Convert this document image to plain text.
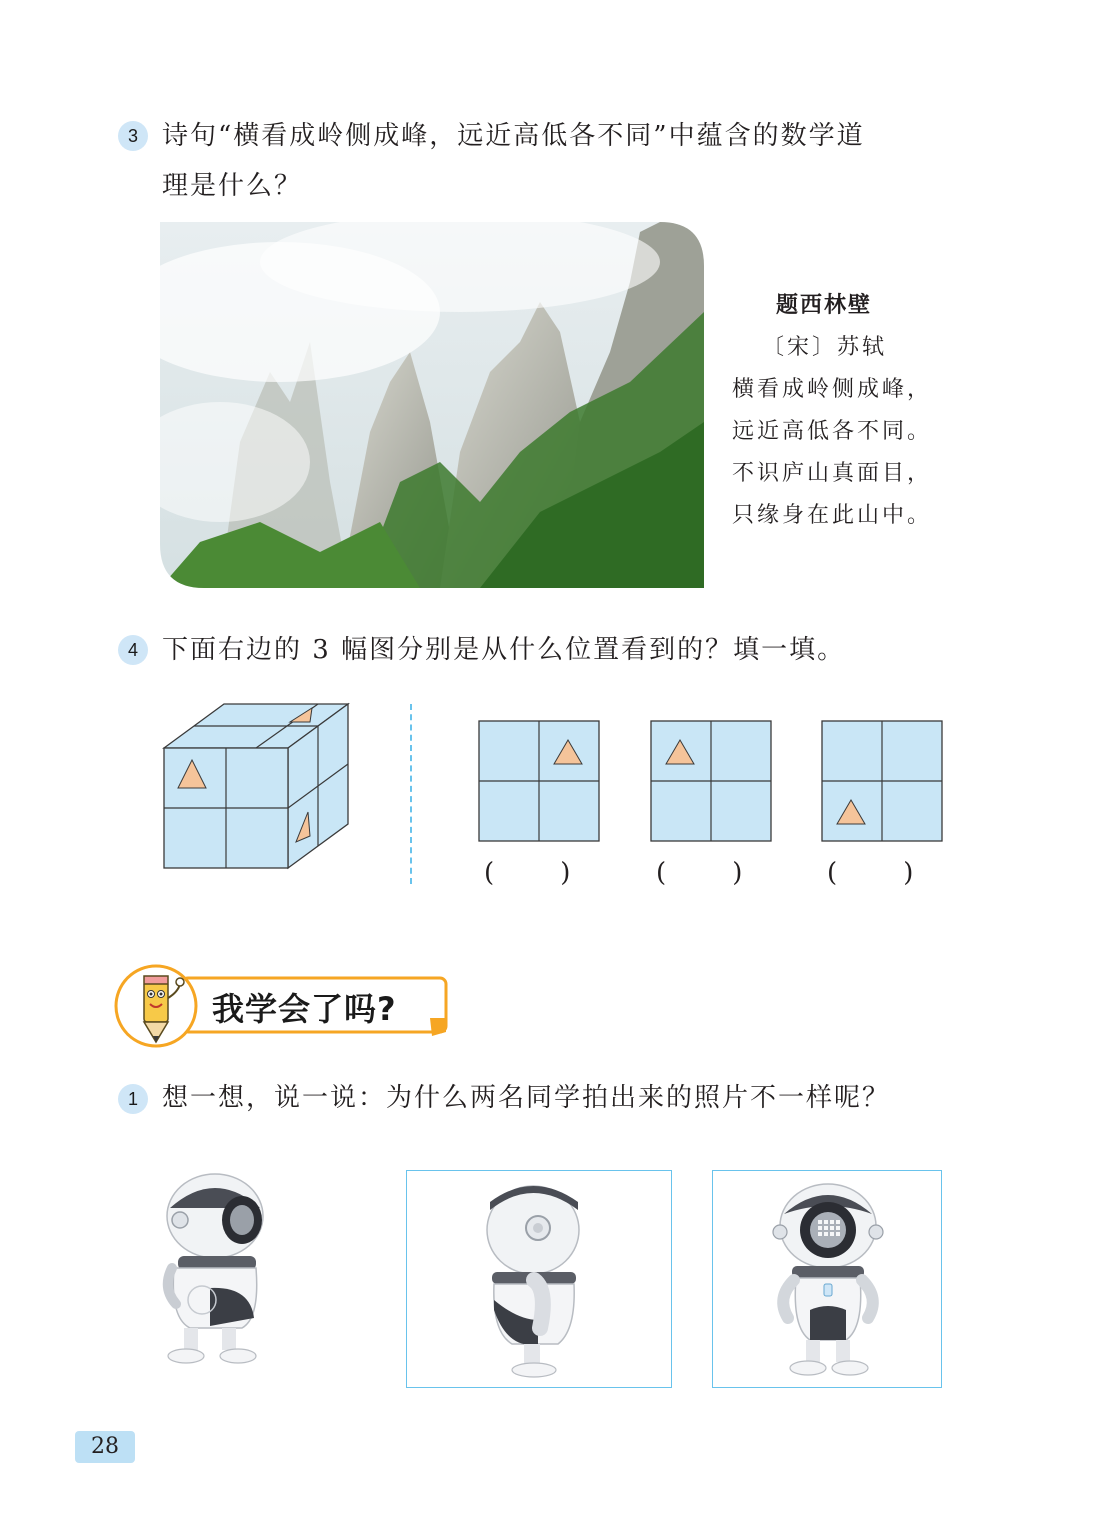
3 诗句“横看成岭侧成峰，远近高低各不同”中蕴含的数学道
理是什么？
题西林壁
〔宋〕苏轼
横看成岭侧成峰，
远近高低各不同。
不识庐山真面目，
只缘身在此山中。
4 下面右边的 3 幅图分别是从什么位置看到的？填一填。
(        )	(        )	(        )
我学会了吗?
1 想一想，说一说：为什么两名同学拍出来的照片不一样呢？
28
